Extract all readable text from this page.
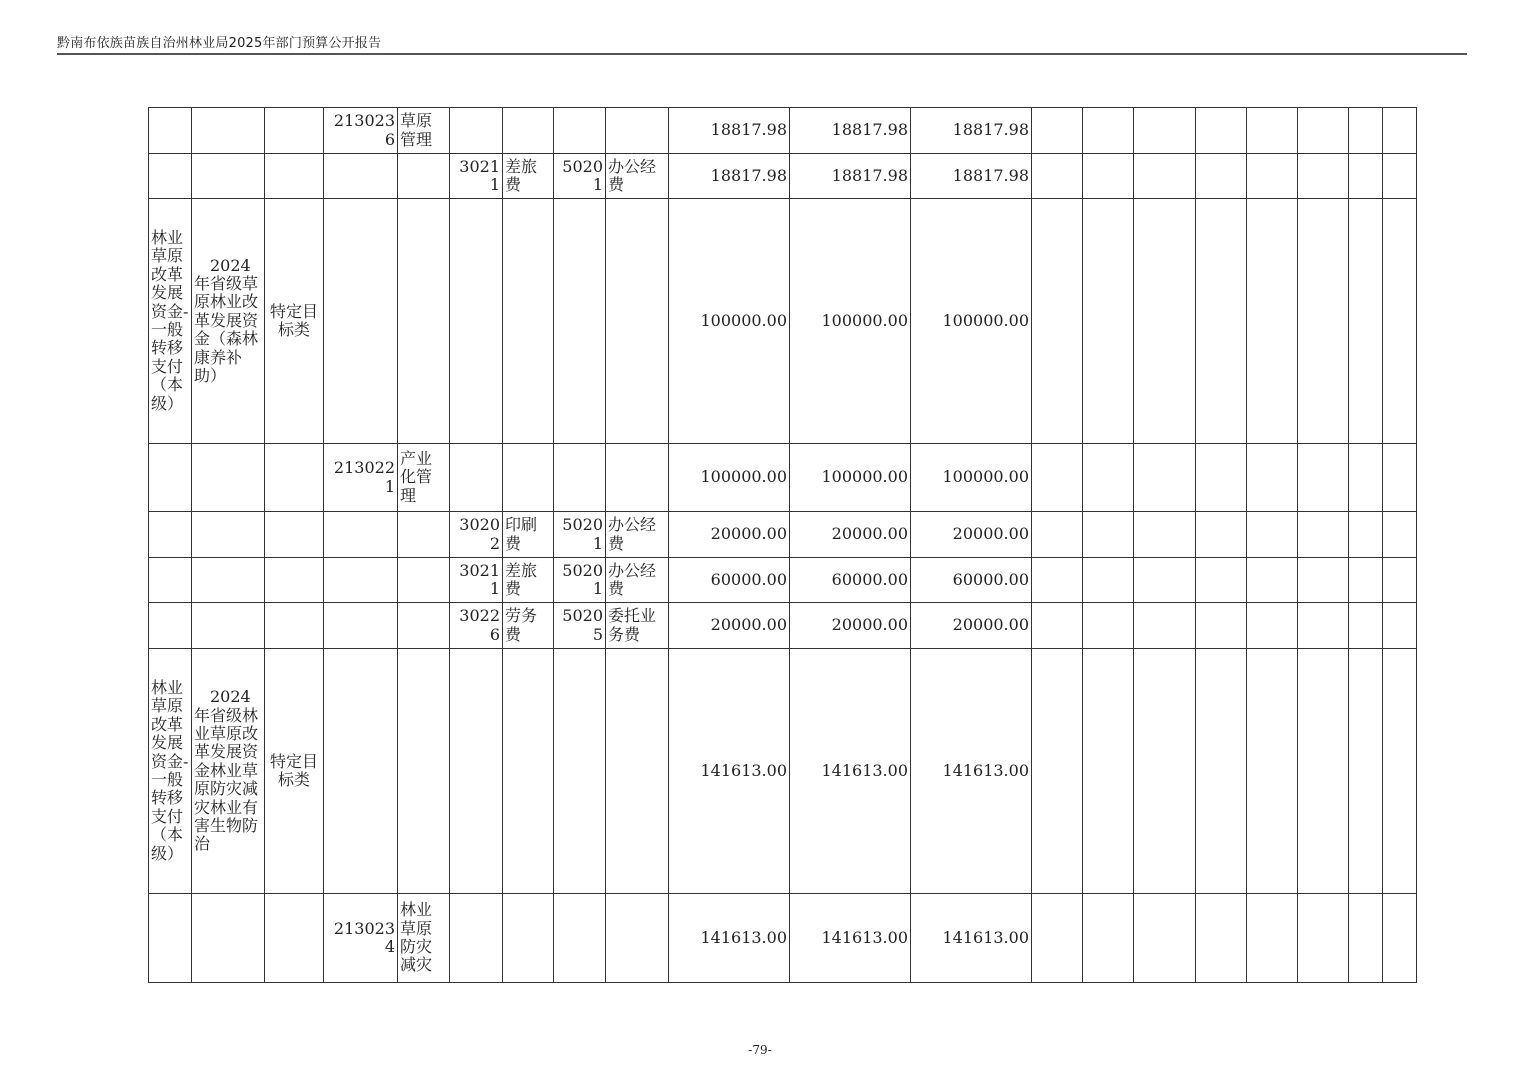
黔南布依族苗族自治州林业局2025年部门预算公开报告
			2130236	草原管理					18817.98	18817.98	18817.98								
					30211	差旅费	50201	办公经费	18817.98	18817.98	18817.98								
林业草原改革发展资金-一般转移支付（本级）	　2024年省级草原林业改革发展资金（森林康养补助）	特定目标类							100000.00	100000.00	100000.00								
			2130221	产业化管理					100000.00	100000.00	100000.00								
					30202	印刷费	50201	办公经费	20000.00	20000.00	20000.00								
					30211	差旅费	50201	办公经费	60000.00	60000.00	60000.00								
					30226	劳务费	50205	委托业务费	20000.00	20000.00	20000.00								
林业草原改革发展资金-一般转移支付（本级）	　2024年省级林业草原改革发展资金林业草原防灾减灾林业有害生物防治	特定目标类							141613.00	141613.00	141613.00								
			2130234	林业草原防灾减灾					141613.00	141613.00	141613.00								
-79-
